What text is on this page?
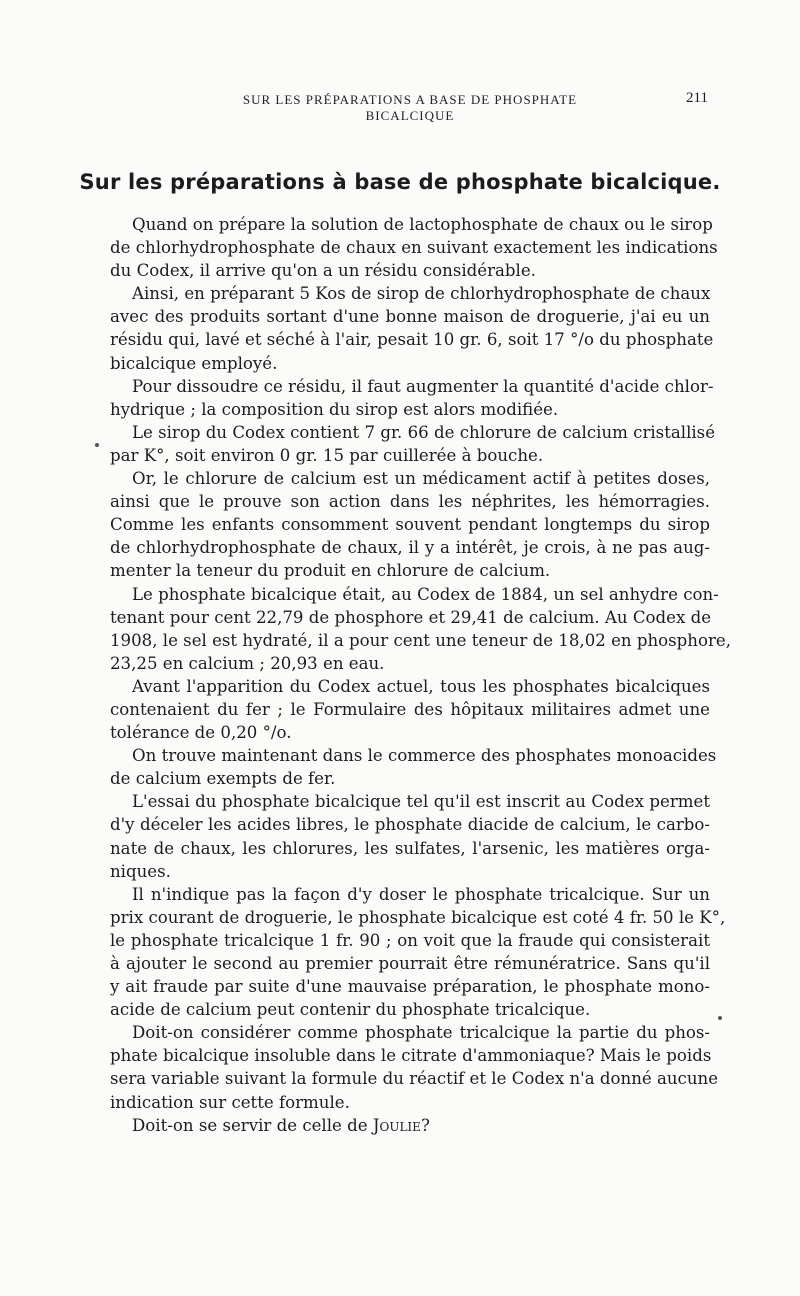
SUR LES PRÉPARATIONS A BASE DE PHOSPHATE BICALCIQUE
211
Sur les préparations à base de phosphate bicalcique.
Quand on prépare la solution de lactophosphate de chaux ou le sirop
de chlorhydrophosphate de chaux en suivant exactement les indications
du Codex, il arrive qu'on a un résidu considérable.
Ainsi, en préparant 5 Kos de sirop de chlorhydrophosphate de chaux
avec des produits sortant d'une bonne maison de droguerie, j'ai eu un
résidu qui, lavé et séché à l'air, pesait 10 gr. 6, soit 17 °/o du phosphate
bicalcique employé.
Pour dissoudre ce résidu, il faut augmenter la quantité d'acide chlor-
hydrique ; la composition du sirop est alors modifiée.
Le sirop du Codex contient 7 gr. 66 de chlorure de calcium cristallisé
par K°, soit environ 0 gr. 15 par cuillerée à bouche.
Or, le chlorure de calcium est un médicament actif à petites doses,
ainsi que le prouve son action dans les néphrites, les hémorragies.
Comme les enfants consomment souvent pendant longtemps du sirop
de chlorhydrophosphate de chaux, il y a intérêt, je crois, à ne pas aug-
menter la teneur du produit en chlorure de calcium.
Le phosphate bicalcique était, au Codex de 1884, un sel anhydre con-
tenant pour cent 22,79 de phosphore et 29,41 de calcium. Au Codex de
1908, le sel est hydraté, il a pour cent une teneur de 18,02 en phosphore,
23,25 en calcium ; 20,93 en eau.
Avant l'apparition du Codex actuel, tous les phosphates bicalciques
contenaient du fer ; le Formulaire des hôpitaux militaires admet une
tolérance de 0,20 °/o.
On trouve maintenant dans le commerce des phosphates monoacides
de calcium exempts de fer.
L'essai du phosphate bicalcique tel qu'il est inscrit au Codex permet
d'y déceler les acides libres, le phosphate diacide de calcium, le carbo-
nate de chaux, les chlorures, les sulfates, l'arsenic, les matières orga-
niques.
Il n'indique pas la façon d'y doser le phosphate tricalcique. Sur un
prix courant de droguerie, le phosphate bicalcique est coté 4 fr. 50 le K°,
le phosphate tricalcique 1 fr. 90 ; on voit que la fraude qui consisterait
à ajouter le second au premier pourrait être rémunératrice. Sans qu'il
y ait fraude par suite d'une mauvaise préparation, le phosphate mono-
acide de calcium peut contenir du phosphate tricalcique.
Doit-on considérer comme phosphate tricalcique la partie du phos-
phate bicalcique insoluble dans le citrate d'ammoniaque? Mais le poids
sera variable suivant la formule du réactif et le Codex n'a donné aucune
indication sur cette formule.
Doit-on se servir de celle de Joulie?
